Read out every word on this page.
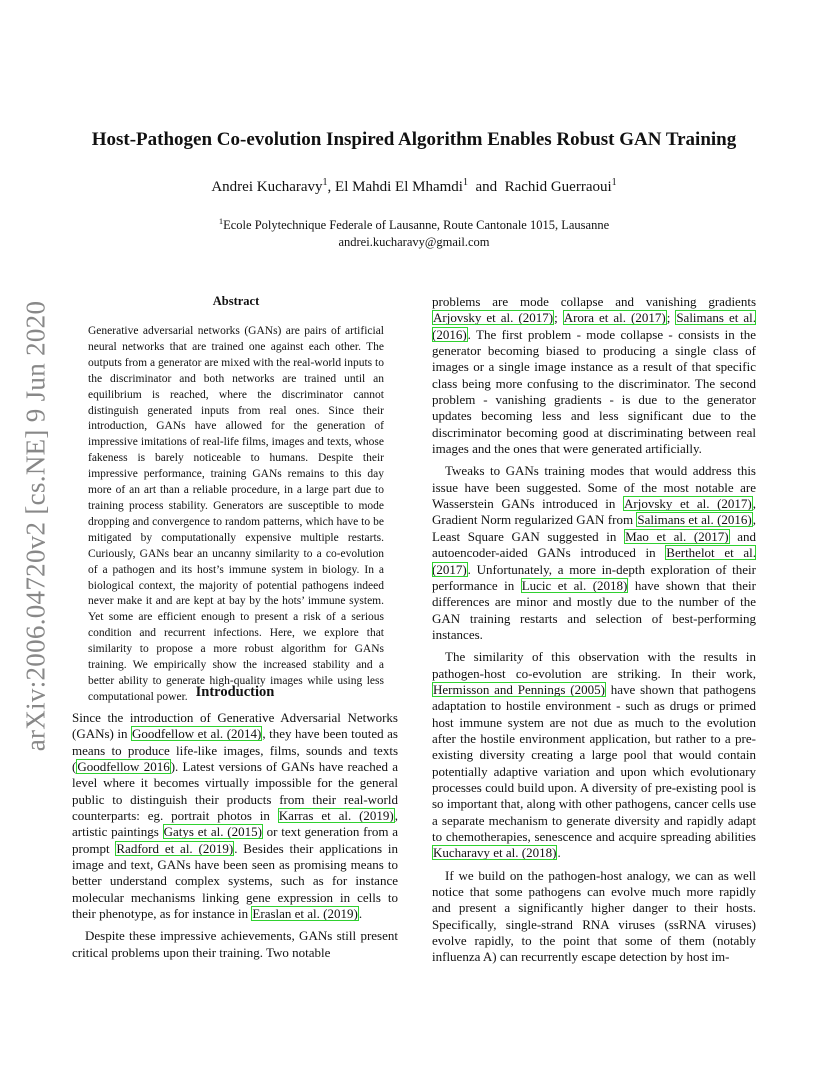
arXiv:2006.04720v2 [cs.NE] 9 Jun 2020
Host-Pathogen Co-evolution Inspired Algorithm Enables Robust GAN Training
Andrei Kucharavy$^1$, El Mahdi El Mhamdi$^1$  and  Rachid Guerraoui$^1$
$^1$Ecole Polytechnique Federale of Lausanne, Route Cantonale 1015, Lausanne
andrei.kucharavy@gmail.com
Abstract

Generative adversarial networks (GANs) are pairs of artificial neural networks that are trained one against each other. The outputs from a generator are mixed with the real-world inputs to the discriminator and both networks are trained until an equilibrium is reached, where the discriminator cannot distinguish generated inputs from real ones. Since their introduction, GANs have allowed for the generation of impressive imitations of real-life films, images and texts, whose fakeness is barely noticeable to humans. Despite their impressive performance, training GANs remains to this day more of an art than a reliable procedure, in a large part due to training process stability. Generators are susceptible to mode dropping and convergence to random patterns, which have to be mitigated by computationally expensive multiple restarts. Curiously, GANs bear an uncanny similarity to a co-evolution of a pathogen and its host’s immune system in biology. In a biological context, the majority of potential pathogens indeed never make it and are kept at bay by the hots’ immune system. Yet some are efficient enough to present a risk of a serious condition and recurrent infections. Here, we explore that similarity to propose a more robust algorithm for GANs training. We empirically show the increased stability and a better ability to generate high-quality images while using less computational power. Introduction

Since the introduction of Generative Adversarial Networks (GANs) in Goodfellow et al. (2014), they have been touted as means to produce life-like images, films, sounds and texts (Goodfellow 2016). Latest versions of GANs have reached a level where it becomes virtually impossible for the general public to distinguish their products from their real-world counterparts: eg. portrait photos in Karras et al. (2019), artistic paintings Gatys et al. (2015) or text generation from a prompt Radford et al. (2019). Besides their applications in image and text, GANs have been seen as promising means to better understand complex systems, such as for instance molecular mechanisms linking gene expression in cells to their phenotype, as for instance in Eraslan et al. (2019).

Despite these impressive achievements, GANs still present critical problems upon their training. Two notable

problems are mode collapse and vanishing gradients Arjovsky et al. (2017); Arora et al. (2017); Salimans et al. (2016). The first problem - mode collapse - consists in the generator becoming biased to producing a single class of images or a single image instance as a result of that specific class being more confusing to the discriminator. The second problem - vanishing gradients - is due to the generator updates becoming less and less significant due to the discriminator becoming good at discriminating between real images and the ones that were generated artificially.

Tweaks to GANs training modes that would address this issue have been suggested. Some of the most notable are Wasserstein GANs introduced in Arjovsky et al. (2017), Gradient Norm regularized GAN from Salimans et al. (2016), Least Square GAN suggested in Mao et al. (2017) and autoencoder-aided GANs introduced in Berthelot et al. (2017). Unfortunately, a more in-depth exploration of their performance in Lucic et al. (2018) have shown that their differences are minor and mostly due to the number of the GAN training restarts and selection of best-performing instances.

The similarity of this observation with the results in pathogen-host co-evolution are striking. In their work, Hermisson and Pennings (2005) have shown that pathogens adaptation to hostile environment - such as drugs or primed host immune system are not due as much to the evolution after the hostile environment application, but rather to a pre-existing diversity creating a large pool that would contain potentially adaptive variation and upon which evolutionary processes could build upon. A diversity of pre-existing pool is so important that, along with other pathogens, cancer cells use a separate mechanism to generate diversity and rapidly adapt to chemotherapies, senescence and acquire spreading abilities Kucharavy et al. (2018).

If we build on the pathogen-host analogy, we can as well notice that some pathogens can evolve much more rapidly and present a significantly higher danger to their hosts. Specifically, single-strand RNA viruses (ssRNA viruses) evolve rapidly, to the point that some of them (notably influenza A) can recurrently escape detection by host im-
